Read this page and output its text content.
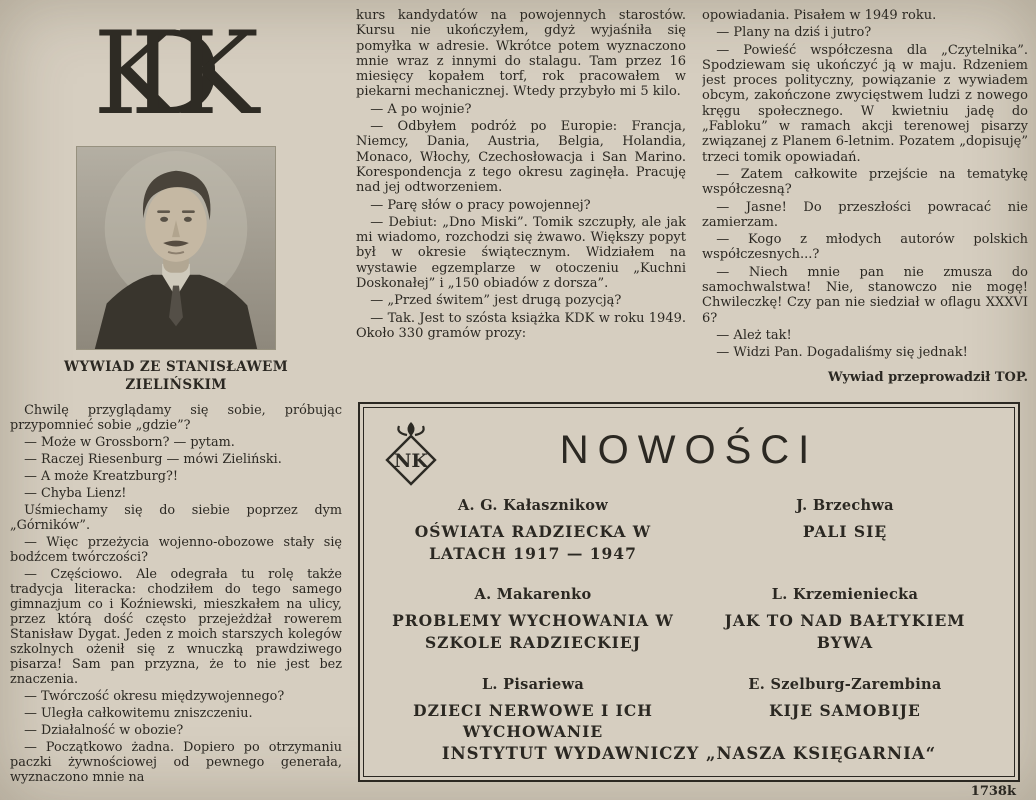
KDK
WYWIAD ZE STANISŁAWEM ZIELIŃSKIM

Chwilę przyglądamy się sobie, próbując przypomnieć sobie „gdzie”?

— Może w Grossborn? — pytam.

— Raczej Riesenburg — mówi Zieliński.

— A może Kreatzburg?!

— Chyba Lienz!

Uśmiechamy się do siebie poprzez dym „Górników”.

— Więc przeżycia wojenno-obozowe stały się bodźcem twórczości?

— Częściowo. Ale odegrała tu rolę także tradycja literacka: chodziłem do tego samego gimnazjum co i Koźniewski, mieszkałem na ulicy, przez którą dość często przejeżdżał rowerem Stanisław Dygat. Jeden z moich starszych kolegów szkolnych ożenił się z wnuczką prawdziwego pisarza! Sam pan przyzna, że to nie jest bez znaczenia.

— Twórczość okresu międzywojennego?

— Uległa całkowitemu zniszczeniu.

— Działalność w obozie?

— Początkowo żadna. Dopiero po otrzymaniu paczki żywnościowej od pewnego generała, wyznaczono mnie na

kurs kandydatów na powojennych starostów. Kursu nie ukończyłem, gdyż wyjaśniła się pomyłka w adresie. Wkrótce potem wyznaczono mnie wraz z innymi do stalagu. Tam przez 16 miesięcy kopałem torf, rok pracowałem w piekarni mechanicznej. Wtedy przybyło mi 5 kilo.

— A po wojnie?

— Odbyłem podróż po Europie: Francja, Niemcy, Dania, Austria, Belgia, Holandia, Monaco, Włochy, Czechosłowacja i San Marino. Korespondencja z tego okresu zaginęła. Pracuję nad jej odtworzeniem.

— Parę słów o pracy powojennej?

— Debiut: „Dno Miski”. Tomik szczupły, ale jak mi wiadomo, rozchodzi się żwawo. Większy popyt był w okresie świątecznym. Widziałem na wystawie egzemplarze w otoczeniu „Kuchni Doskonałej” i „150 obiadów z dorsza”.

— „Przed świtem” jest drugą pozycją?

— Tak. Jest to szósta książka KDK w roku 1949. Około 330 gramów prozy:

opowiadania. Pisałem w 1949 roku.

— Plany na dziś i jutro?

— Powieść współczesna dla „Czytelnika”. Spodziewam się ukończyć ją w maju. Rdzeniem jest proces polityczny, powiązanie z wywiadem obcym, zakończone zwycięstwem ludzi z nowego kręgu społecznego. W kwietniu jadę do „Fabloku” w ramach akcji terenowej pisarzy związanej z Planem 6-letnim. Pozatem „dopisuję” trzeci tomik opowiadań.

— Zatem całkowite przejście na tematykę współczesną?

— Jasne! Do przeszłości powracać nie zamierzam.

— Kogo z młodych autorów polskich współczesnych...?

— Niech mnie pan nie zmusza do samochwalstwa! Nie, stanowczo nie mogę! Chwileczkę! Czy pan nie siedział w oflagu XXXVI 6?

— Ależ tak!

— Widzi Pan. Dogadaliśmy się jednak!

Wywiad przeprowadził TOP.

NK	NOWOŚCI
A. G. Kałasznikow
OŚWIATA RADZIECKA W LATACH 1917 — 1947
J. Brzechwa
PALI SIĘ
A. Makarenko
PROBLEMY WYCHOWANIA W SZKOLE RADZIECKIEJ
L. Krzemieniecka
JAK TO NAD BAŁTYKIEM BYWA
L. Pisariewa
DZIECI NERWOWE I ICH WYCHOWANIE
E. Szelburg-Zarembina
KIJE SAMOBIJE
INSTYTUT WYDAWNICZY „NASZA KSIĘGARNIA“
1738k
